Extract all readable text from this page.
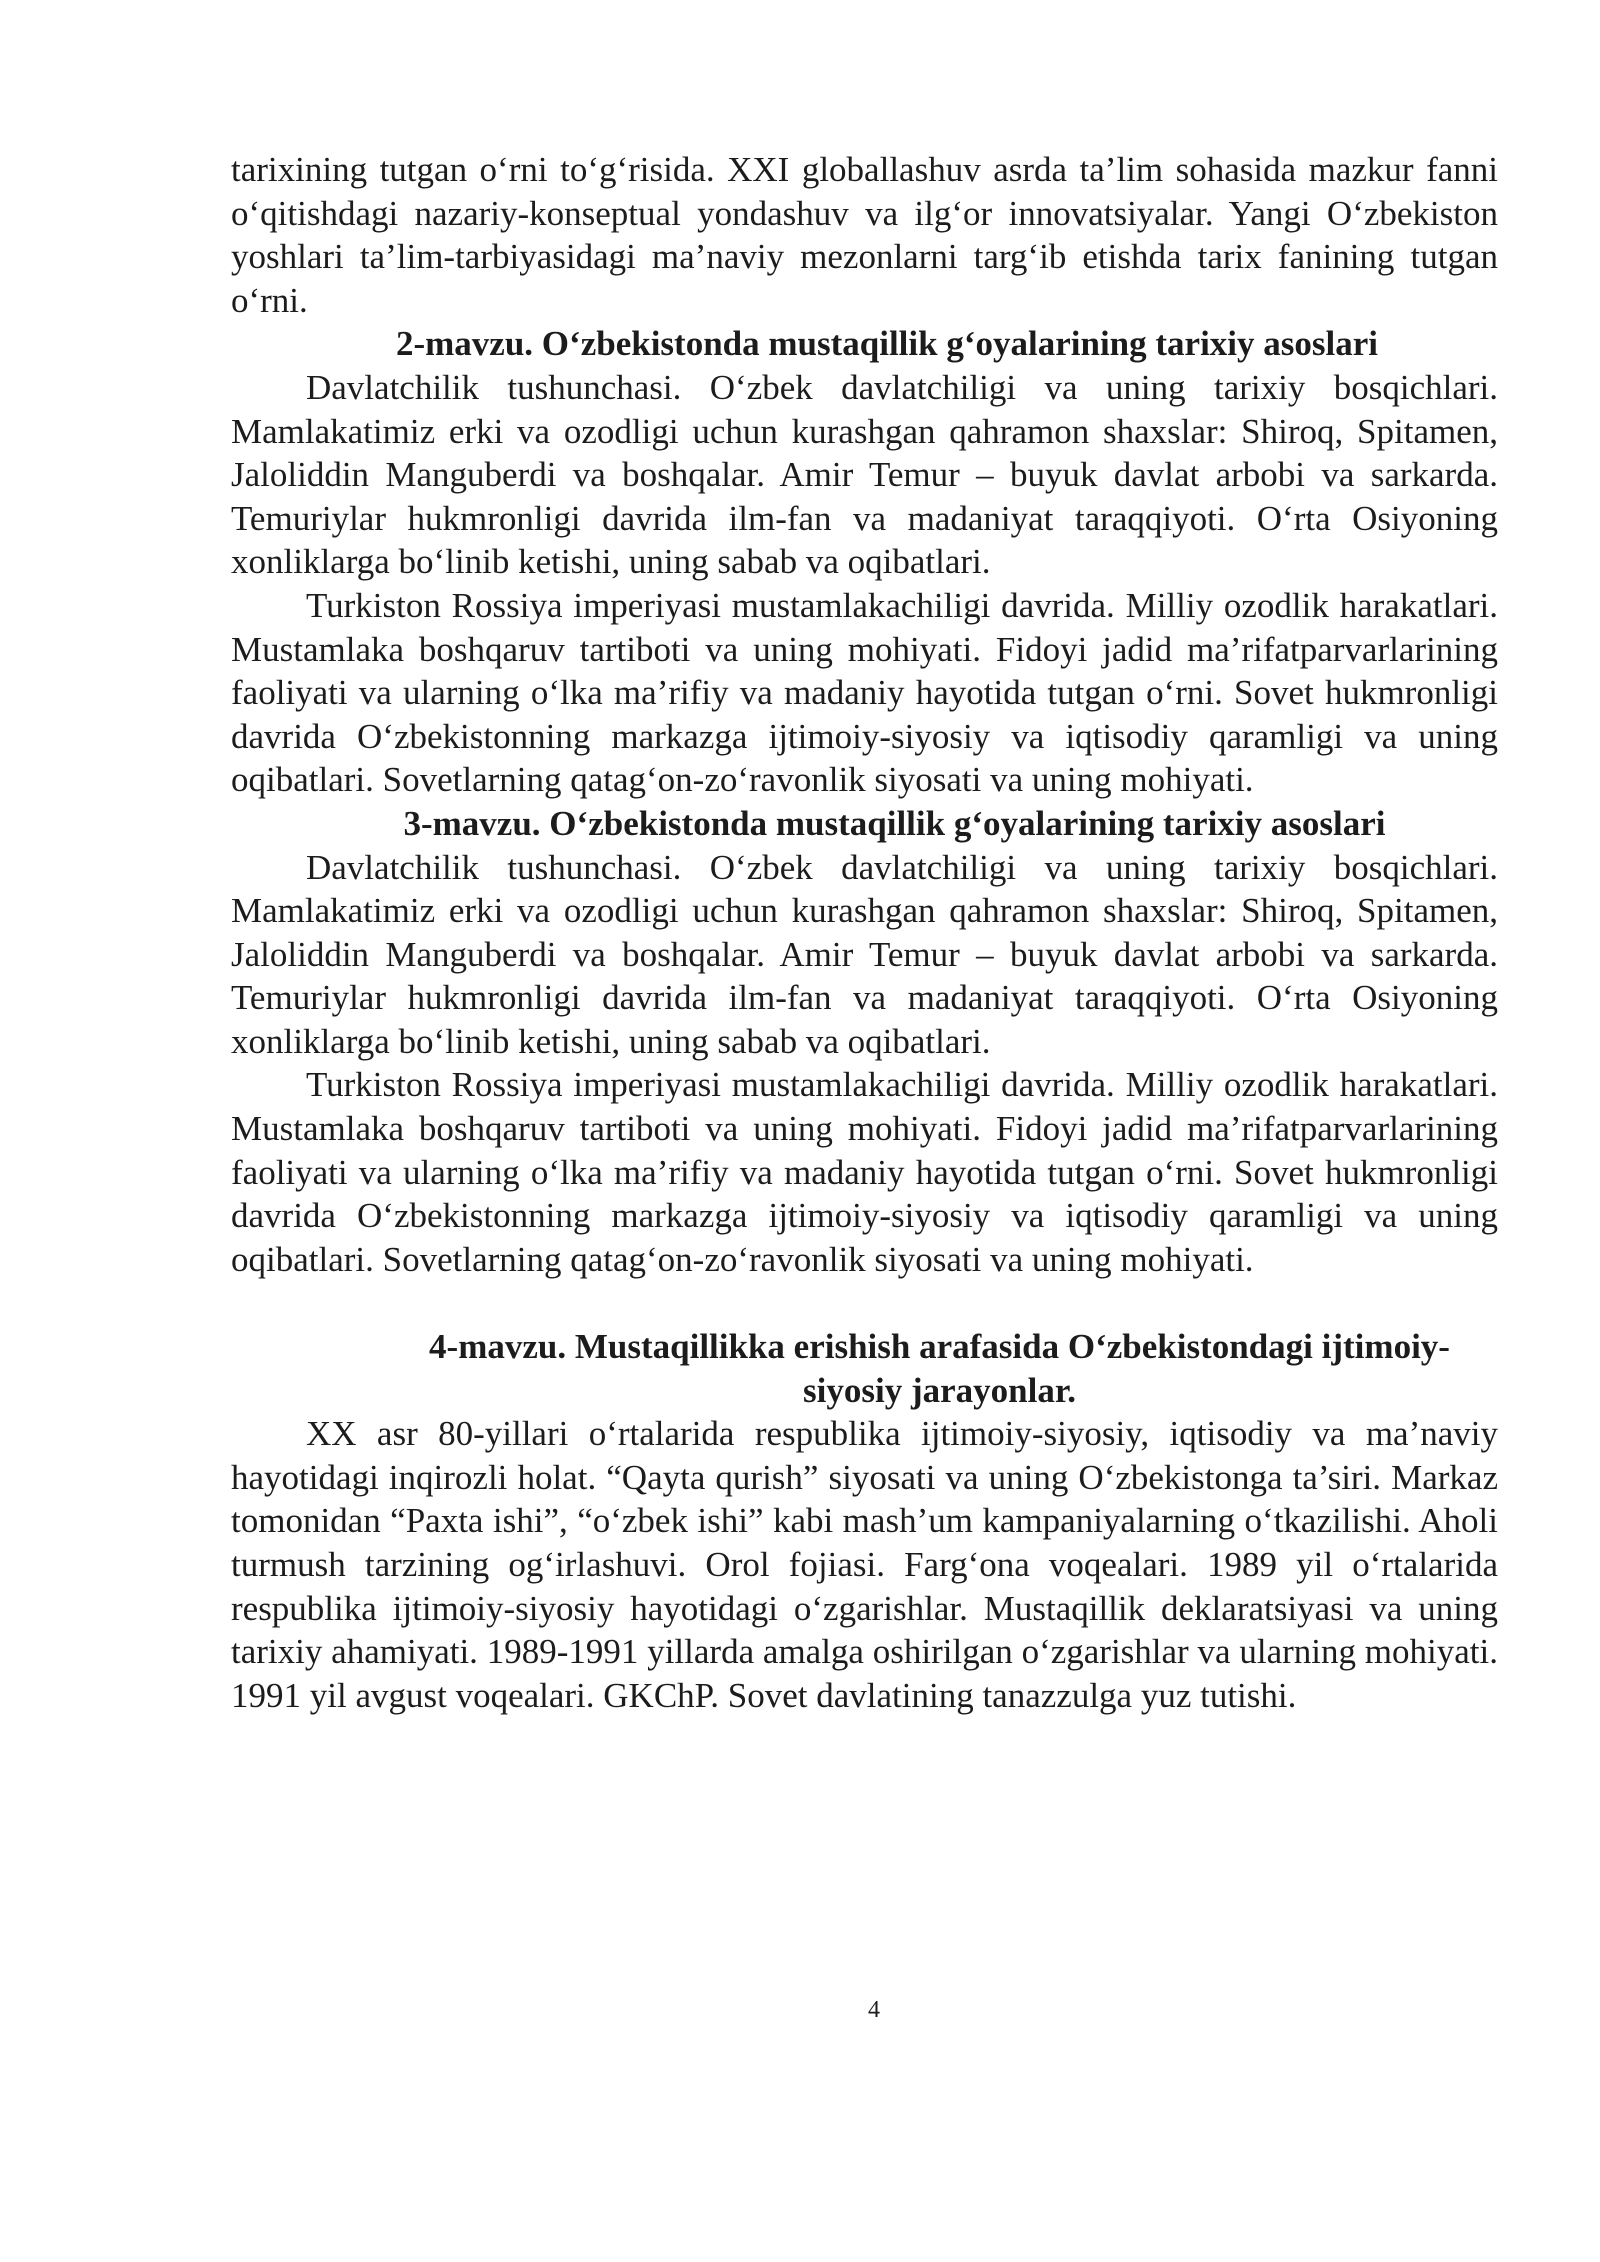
tarixining tutgan o‘rni to‘g‘risida. XXI globallashuv asrda ta’lim sohasida mazkur fanni o‘qitishdagi nazariy-konseptual yondashuv va ilg‘or innovatsiyalar. Yangi O‘zbekiston yoshlari ta’lim-tarbiyasidagi ma’naviy mezonlarni targ‘ib etishda tarix fanining tutgan o‘rni.

2-mavzu. O‘zbekistonda mustaqillik g‘oyalarining tarixiy asoslari

Davlatchilik tushunchasi. O‘zbek davlatchiligi va uning tarixiy bosqichlari. Mamlakatimiz erki va ozodligi uchun kurashgan qahramon shaxslar: Shiroq, Spitamen, Jaloliddin Manguberdi va boshqalar. Amir Temur – buyuk davlat arbobi va sarkarda. Temuriylar hukmronligi davrida ilm-fan va madaniyat taraqqiyoti. O‘rta Osiyoning xonliklarga bo‘linib ketishi, uning sabab va oqibatlari.

Turkiston Rossiya imperiyasi mustamlakachiligi davrida. Milliy ozodlik harakatlari. Mustamlaka boshqaruv tartiboti va uning mohiyati. Fidoyi jadid ma’rifatparvarlarining faoliyati va ularning o‘lka ma’rifiy va madaniy hayotida tutgan o‘rni. Sovet hukmronligi davrida O‘zbekistonning markazga ijtimoiy-siyosiy va iqtisodiy qaramligi va uning oqibatlari. Sovetlarning qatag‘on-zo‘ravonlik siyosati va uning mohiyati.

3-mavzu. O‘zbekistonda mustaqillik g‘oyalarining tarixiy asoslari

Davlatchilik tushunchasi. O‘zbek davlatchiligi va uning tarixiy bosqichlari. Mamlakatimiz erki va ozodligi uchun kurashgan qahramon shaxslar: Shiroq, Spitamen, Jaloliddin Manguberdi va boshqalar. Amir Temur – buyuk davlat arbobi va sarkarda. Temuriylar hukmronligi davrida ilm-fan va madaniyat taraqqiyoti. O‘rta Osiyoning xonliklarga bo‘linib ketishi, uning sabab va oqibatlari.

Turkiston Rossiya imperiyasi mustamlakachiligi davrida. Milliy ozodlik harakatlari. Mustamlaka boshqaruv tartiboti va uning mohiyati. Fidoyi jadid ma’rifatparvarlarining faoliyati va ularning o‘lka ma’rifiy va madaniy hayotida tutgan o‘rni. Sovet hukmronligi davrida O‘zbekistonning markazga ijtimoiy-siyosiy va iqtisodiy qaramligi va uning oqibatlari. Sovetlarning qatag‘on-zo‘ravonlik siyosati va uning mohiyati.

4-mavzu. Mustaqillikka erishish arafasida O‘zbekistondagi ijtimoiy-siyosiy jarayonlar.

XX asr 80-yillari o‘rtalarida respublika ijtimoiy-siyosiy, iqtisodiy va ma’naviy hayotidagi inqirozli holat. “Qayta qurish” siyosati va uning O‘zbekistonga ta’siri. Markaz tomonidan “Paxta ishi”, “o‘zbek ishi” kabi mash’um kampaniyalarning o‘tkazilishi. Aholi turmush tarzining og‘irlashuvi. Orol fojiasi. Farg‘ona voqealari. 1989 yil o‘rtalarida respublika ijtimoiy-siyosiy hayotidagi o‘zgarishlar. Mustaqillik deklaratsiyasi va uning tarixiy ahamiyati. 1989-1991 yillarda amalga oshirilgan o‘zgarishlar va ularning mohiyati. 1991 yil avgust voqealari. GKChP. Sovet davlatining tanazzulga yuz tutishi.

4
